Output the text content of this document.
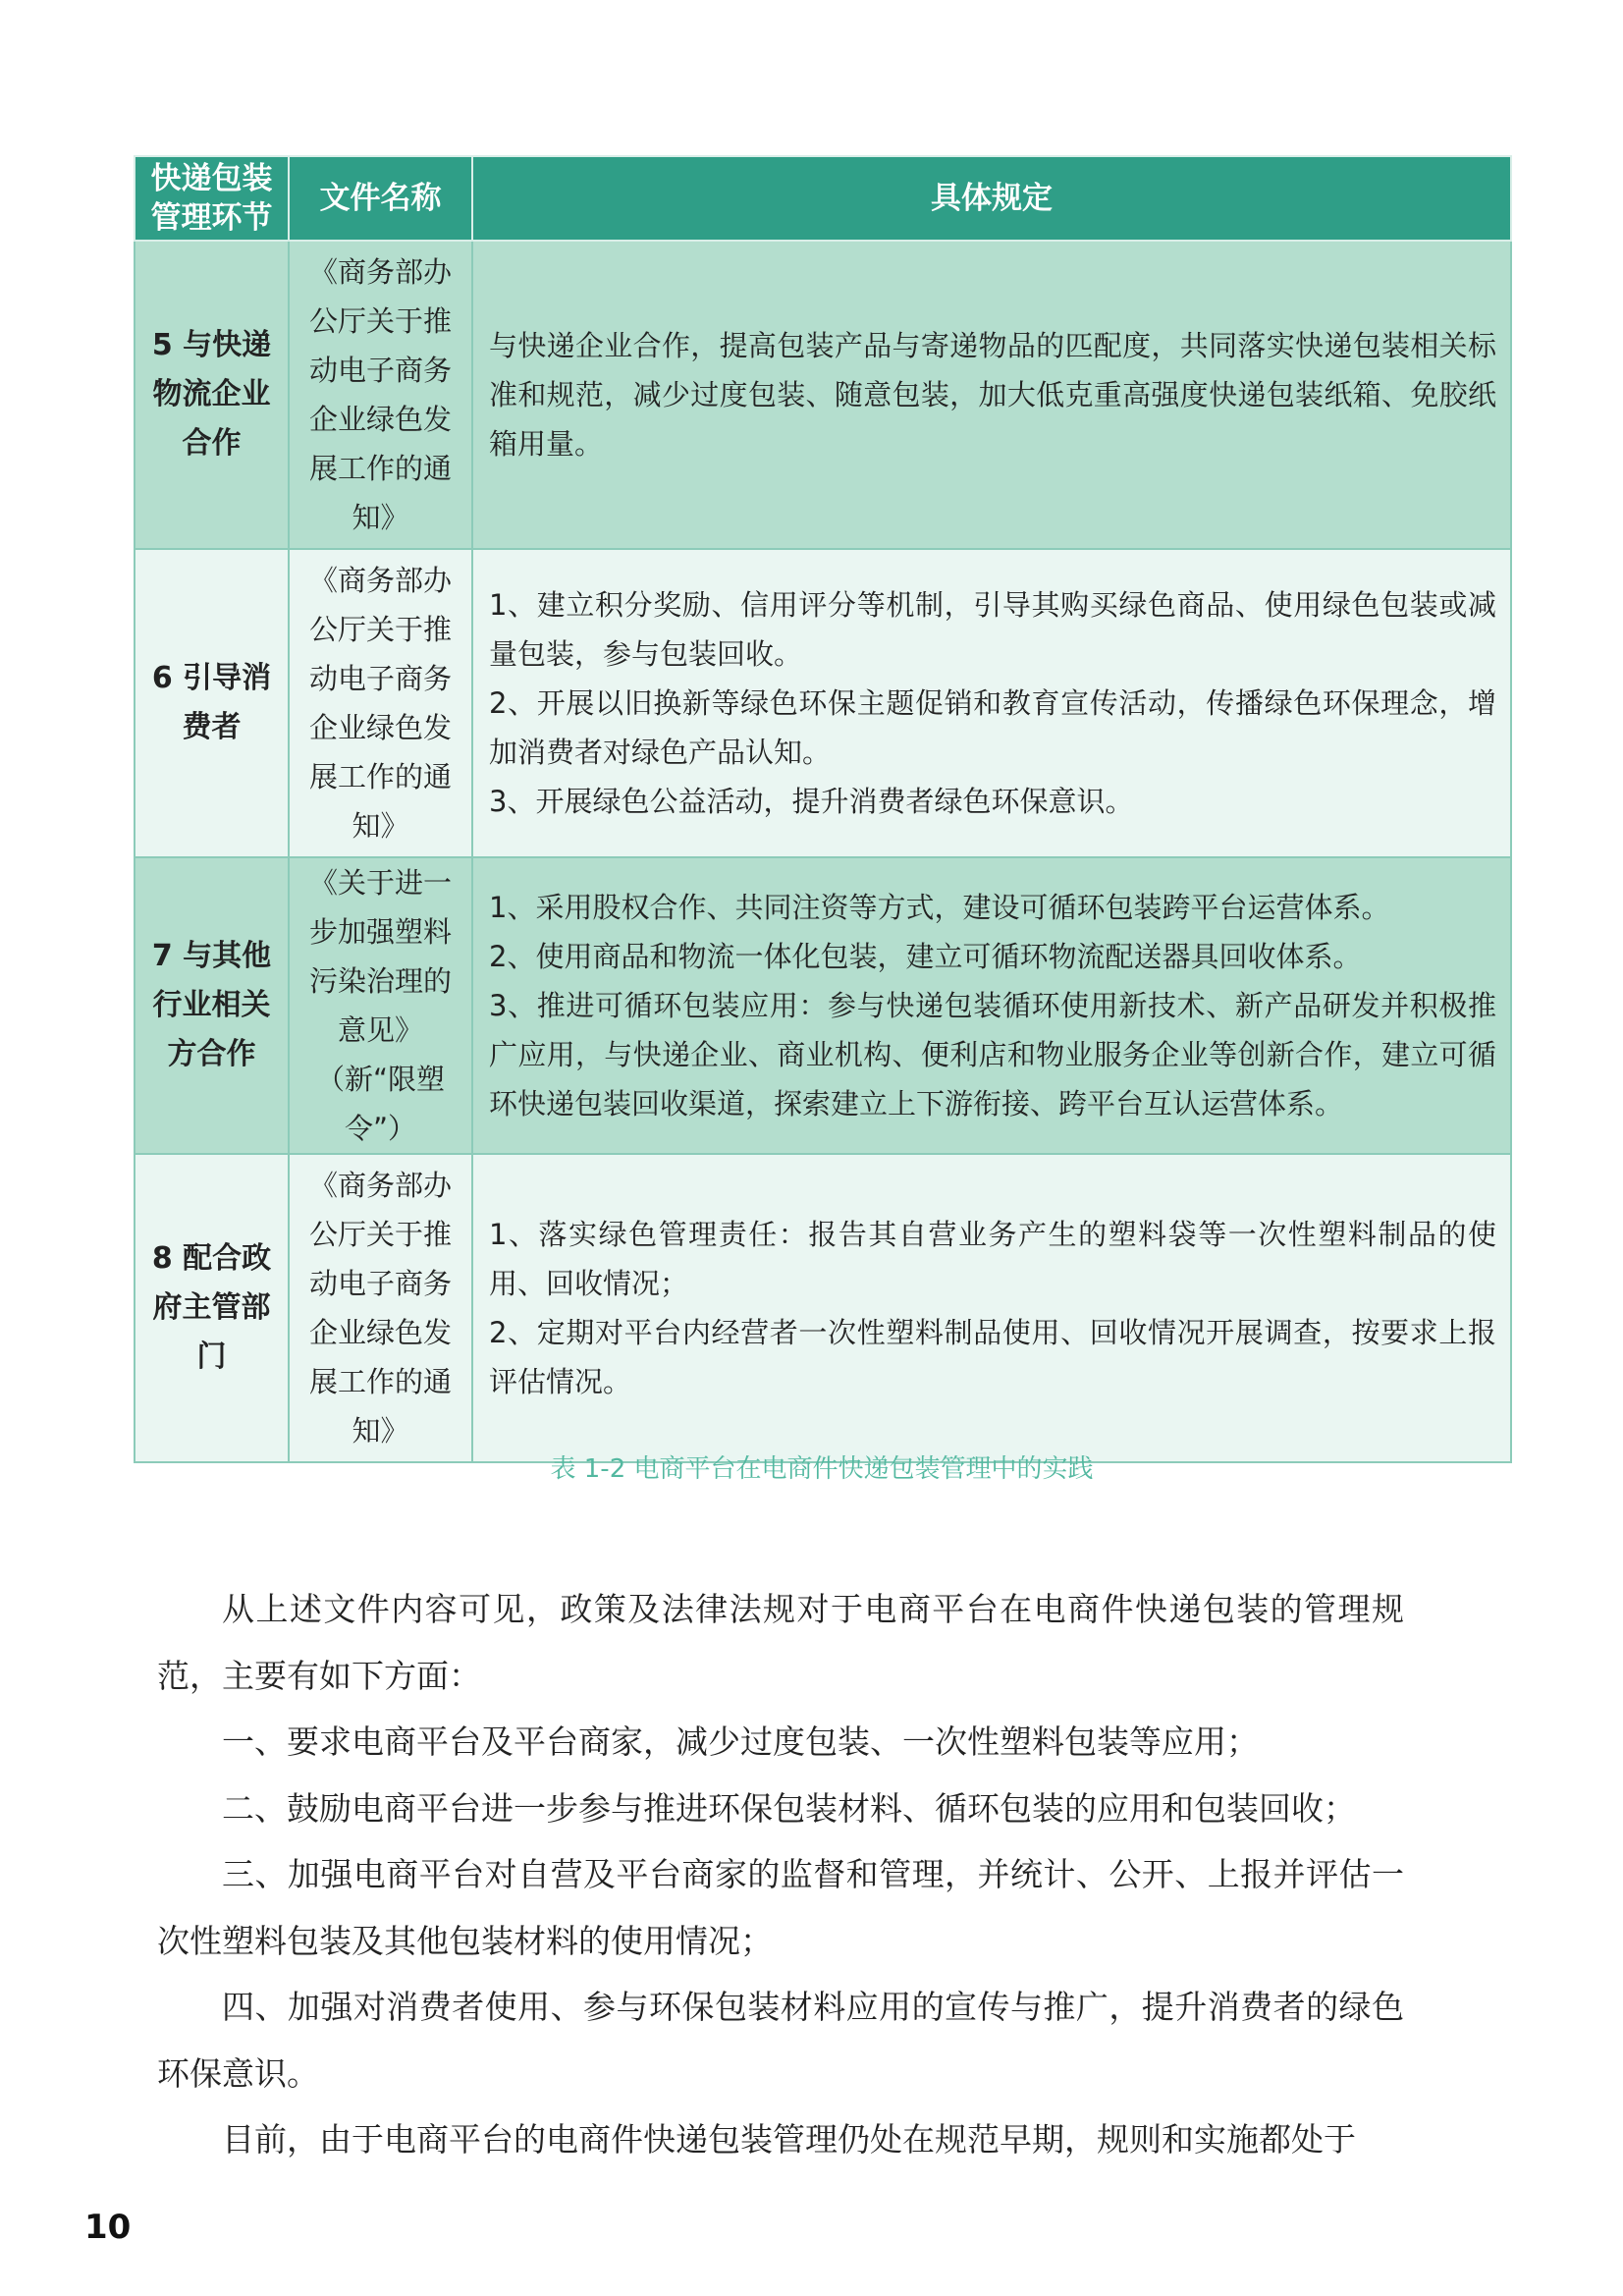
快递包装管理环节	文件名称	具体规定
5 与快递物流企业合作	《商务部办公厅关于推动电子商务企业绿色发展工作的通知》	与快递企业合作，提高包装产品与寄递物品的匹配度，共同落实快递包装相关标准和规范，减少过度包装、随意包装，加大低克重高强度快递包装纸箱、免胶纸箱用量。

6 引导消费者	《商务部办公厅关于推动电子商务企业绿色发展工作的通知》	1、建立积分奖励、信用评分等机制，引导其购买绿色商品、使用绿色包装或减量包装，参与包装回收。

2、开展以旧换新等绿色环保主题促销和教育宣传活动，传播绿色环保理念，增加消费者对绿色产品认知。

3、开展绿色公益活动，提升消费者绿色环保意识。

7 与其他行业相关方合作	《关于进一步加强塑料污染治理的意见》（新“限塑令”）	1、采用股权合作、共同注资等方式，建设可循环包装跨平台运营体系。

2、使用商品和物流一体化包装，建立可循环物流配送器具回收体系。

3、推进可循环包装应用：参与快递包装循环使用新技术、新产品研发并积极推广应用，与快递企业、商业机构、便利店和物业服务企业等创新合作，建立可循环快递包装回收渠道，探索建立上下游衔接、跨平台互认运营体系。

8 配合政府主管部门	《商务部办公厅关于推动电子商务企业绿色发展工作的通知》	1、落实绿色管理责任：报告其自营业务产生的塑料袋等一次性塑料制品的使用、回收情况；

2、定期对平台内经营者一次性塑料制品使用、回收情况开展调查，按要求上报评估情况。

表 1-2 电商平台在电商件快递包装管理中的实践

从上述文件内容可见，政策及法律法规对于电商平台在电商件快递包装的管理规范，主要有如下方面：

一、要求电商平台及平台商家，减少过度包装、一次性塑料包装等应用；

二、鼓励电商平台进一步参与推进环保包装材料、循环包装的应用和包装回收；

三、加强电商平台对自营及平台商家的监督和管理，并统计、公开、上报并评估一次性塑料包装及其他包装材料的使用情况；

四、加强对消费者使用、参与环保包装材料应用的宣传与推广，提升消费者的绿色环保意识。

目前，由于电商平台的电商件快递包装管理仍处在规范早期，规则和实施都处于

10
